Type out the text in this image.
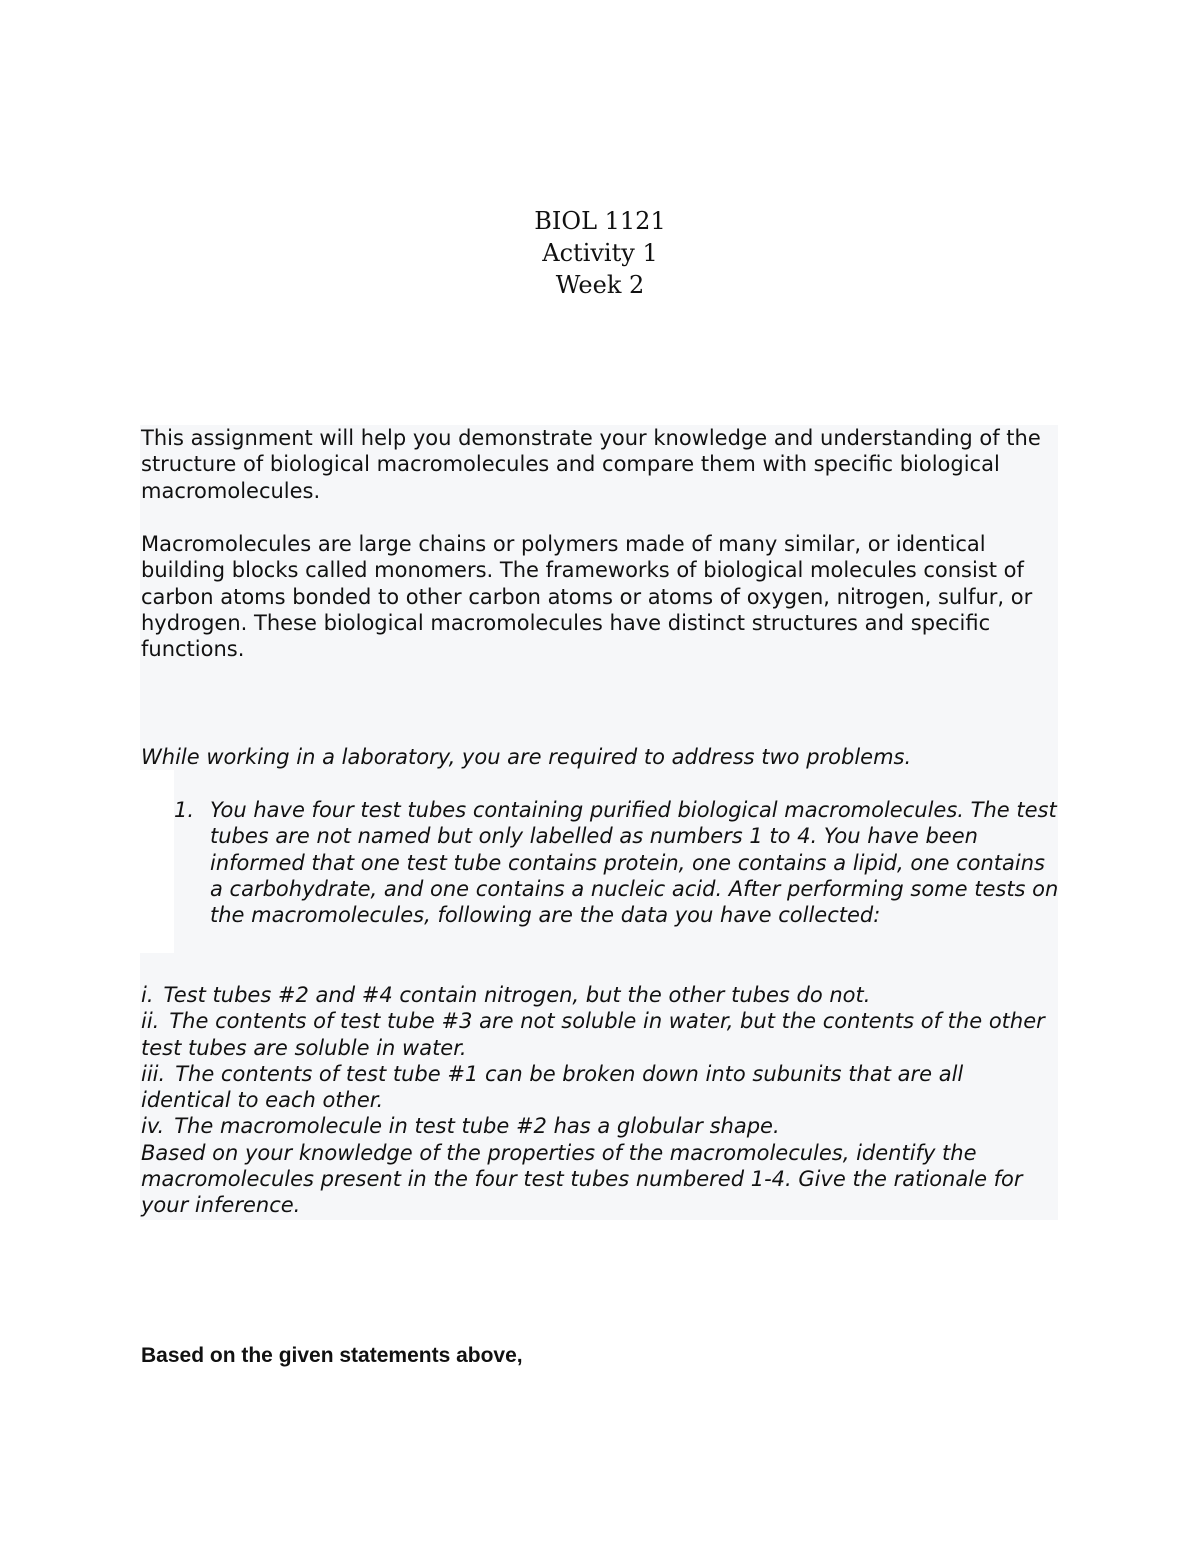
BIOL 1121
Activity 1
Week 2

This assignment will help you demonstrate your knowledge and understanding of the structure of biological macromolecules and compare them with specific biological macromolecules.

Macromolecules are large chains or polymers made of many similar, or identical building blocks called monomers. The frameworks of biological molecules consist of carbon atoms bonded to other carbon atoms or atoms of oxygen, nitrogen, sulfur, or hydrogen. These biological macromolecules have distinct structures and specific functions.

While working in a laboratory, you are required to address two problems.

1. You have four test tubes containing purified biological macromolecules. The test tubes are not named but only labelled as numbers 1 to 4. You have been informed that one test tube contains protein, one contains a lipid, one contains a carbohydrate, and one contains a nucleic acid. After performing some tests on the macromolecules, following are the data you have collected:

i. Test tubes #2 and #4 contain nitrogen, but the other tubes do not.

ii. The contents of test tube #3 are not soluble in water, but the contents of the other test tubes are soluble in water.

iii. The contents of test tube #1 can be broken down into subunits that are all identical to each other.

iv. The macromolecule in test tube #2 has a globular shape.

Based on your knowledge of the properties of the macromolecules, identify the macromolecules present in the four test tubes numbered 1-4. Give the rationale for your inference.

Based on the given statements above,
